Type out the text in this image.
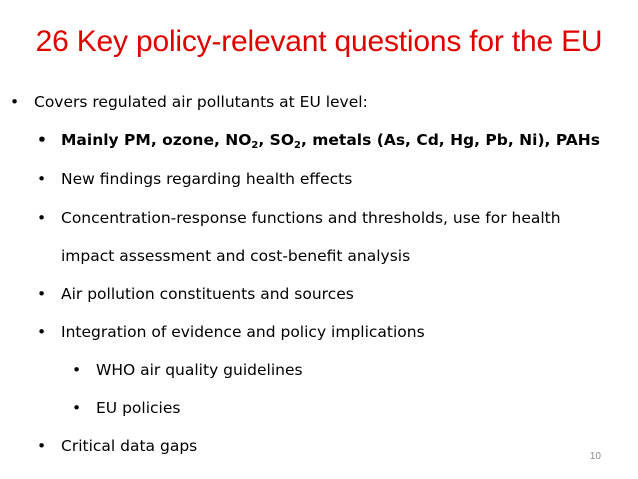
26 Key policy-relevant questions for the EU
• Covers regulated air pollutants at EU level:
• Mainly PM, ozone, $NO_2$, $SO_2$, metals (As, Cd, Hg, Pb, Ni), PAHs
• New findings regarding health effects
• Concentration-response functions and thresholds, use for health
impact assessment and cost-benefit analysis
• Air pollution constituents and sources
• Integration of evidence and policy implications
• WHO air quality guidelines
• EU policies
• Critical data gaps
10
